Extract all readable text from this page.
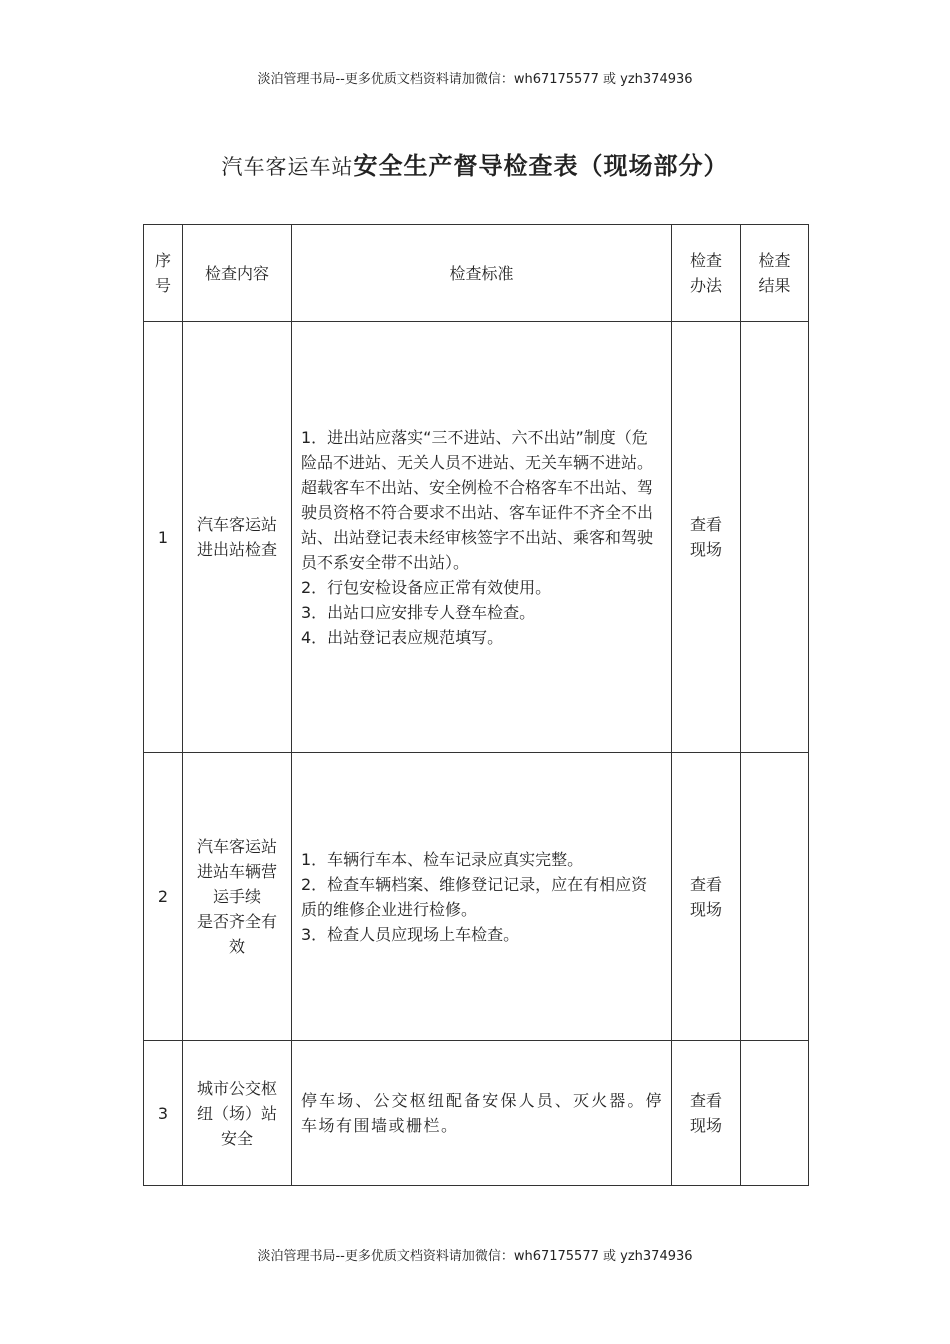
淡泊管理书局--更多优质文档资料请加微信：wh67175577 或 yzh374936
汽车客运车站安全生产督导检查表（现场部分）
序号	检查内容	检查标准	检查办法	检查结果

1	汽车客运站
进出站检查	1．进出站应落实“三不进站、六不出站”制度（危险品不进站、无关人员不进站、无关车辆不进站。超载客车不出站、安全例检不合格客车不出站、驾驶员资格不符合要求不出站、客车证件不齐全不出站、出站登记表未经审核签字不出站、乘客和驾驶员不系安全带不出站）。
2．行包安检设备应正常有效使用。
3．出站口应安排专人登车检查。
4．出站登记表应规范填写。	查看现场	

2	汽车客运站进站车辆营运手续
是否齐全有效	1．车辆行车本、检车记录应真实完整。
2．检查车辆档案、维修登记记录，应在有相应资质的维修企业进行检修。
3．检查人员应现场上车检查。	查看现场	

3	城市公交枢纽（场）站安全	停车场、公交枢纽配备安保人员、灭火器。停车场有围墙或栅栏。	查看现场	

淡泊管理书局--更多优质文档资料请加微信：wh67175577 或 yzh374936
